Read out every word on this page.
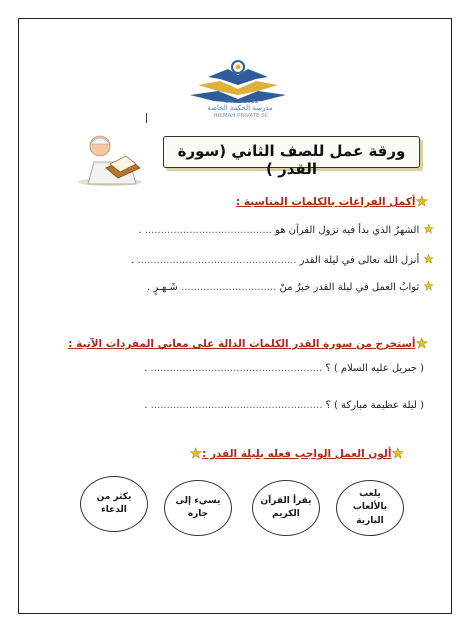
Since 1992
مدرسة الحكمة الخاصة
HIKMAH PRIVATE SC
ورقة عمل للصف الثاني (سورة القدر )
★أكمل الفراغات بالكلمات المناسبة :
★الشهرُ الذي بدأ فيه نزول القرآن هو ........................................ .
★أنزل الله تعالى في ليلة القدر .................................................. .
★ثوابُ العمل في ليلة القدر خيرٌ منْ .............................. شَـهـرٍ .
★أستخرج من سورة القدر الكلمات الدالة على معاني المفردات الآتية :
( جبريل عليه السلام ) ؟ ...................................................... .
( ليلة عظيمة مباركة ) ؟ ...................................................... .
★ألون العمل الواجب فعله بليلة القدر :★
يلعب بالألعاب النارية
يقرأ القرآن الكريم
يسيء إلى جاره
يكثر من الدعاء
